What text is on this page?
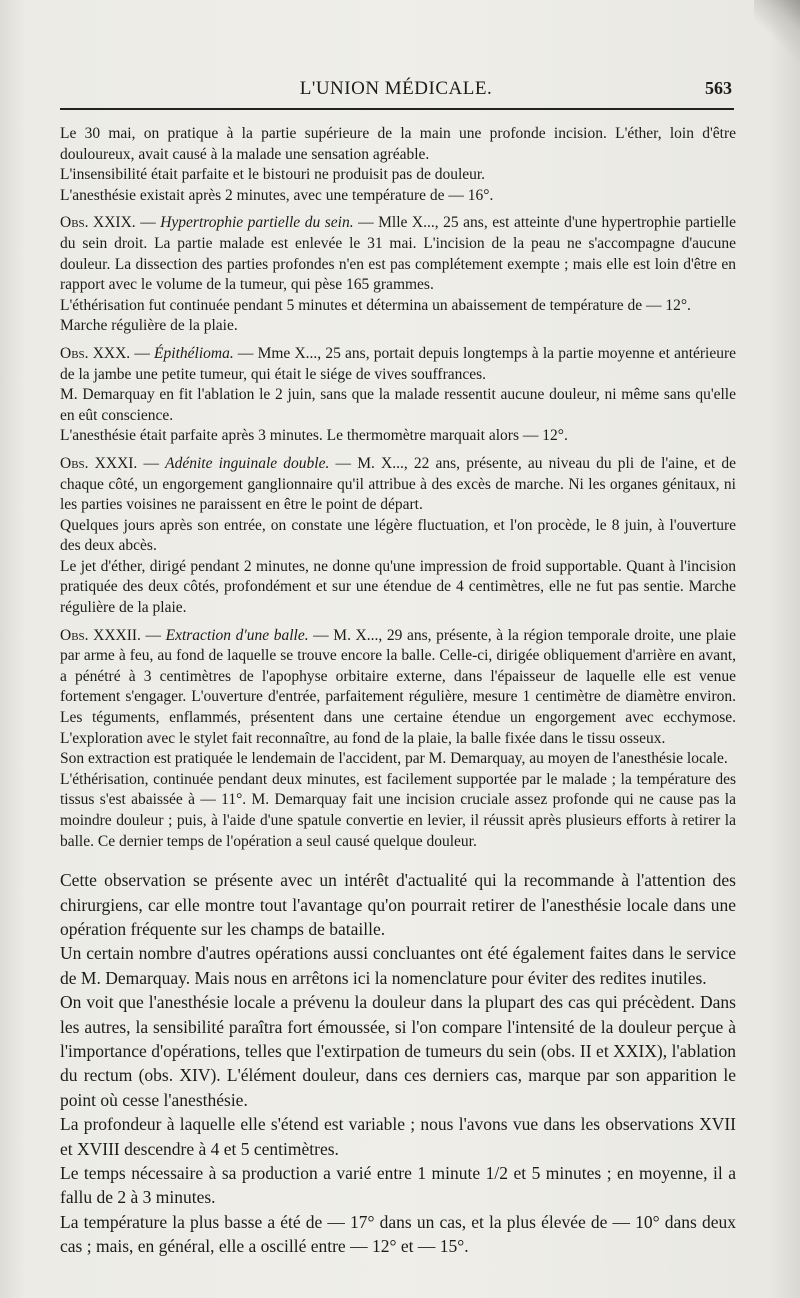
L'UNION MÉDICALE.	563

Le 30 mai, on pratique à la partie supérieure de la main une profonde incision. L'éther, loin d'être douloureux, avait causé à la malade une sensation agréable.

L'insensibilité était parfaite et le bistouri ne produisit pas de douleur.

L'anesthésie existait après 2 minutes, avec une température de — 16°.

Obs. XXIX. — Hypertrophie partielle du sein. — Mlle X..., 25 ans, est atteinte d'une hypertrophie partielle du sein droit. La partie malade est enlevée le 31 mai. L'incision de la peau ne s'accompagne d'aucune douleur. La dissection des parties profondes n'en est pas complétement exempte ; mais elle est loin d'être en rapport avec le volume de la tumeur, qui pèse 165 grammes.

L'éthérisation fut continuée pendant 5 minutes et détermina un abaissement de température de — 12°.

Marche régulière de la plaie.

Obs. XXX. — Épithélioma. — Mme X..., 25 ans, portait depuis longtemps à la partie moyenne et antérieure de la jambe une petite tumeur, qui était le siége de vives souffrances.

M. Demarquay en fit l'ablation le 2 juin, sans que la malade ressentit aucune douleur, ni même sans qu'elle en eût conscience.

L'anesthésie était parfaite après 3 minutes. Le thermomètre marquait alors — 12°.

Obs. XXXI. — Adénite inguinale double. — M. X..., 22 ans, présente, au niveau du pli de l'aine, et de chaque côté, un engorgement ganglionnaire qu'il attribue à des excès de marche. Ni les organes génitaux, ni les parties voisines ne paraissent en être le point de départ.

Quelques jours après son entrée, on constate une légère fluctuation, et l'on procède, le 8 juin, à l'ouverture des deux abcès.

Le jet d'éther, dirigé pendant 2 minutes, ne donne qu'une impression de froid supportable. Quant à l'incision pratiquée des deux côtés, profondément et sur une étendue de 4 centimètres, elle ne fut pas sentie. Marche régulière de la plaie.

Obs. XXXII. — Extraction d'une balle. — M. X..., 29 ans, présente, à la région temporale droite, une plaie par arme à feu, au fond de laquelle se trouve encore la balle. Celle-ci, dirigée obliquement d'arrière en avant, a pénétré à 3 centimètres de l'apophyse orbitaire externe, dans l'épaisseur de laquelle elle est venue fortement s'engager. L'ouverture d'entrée, parfaitement régulière, mesure 1 centimètre de diamètre environ. Les téguments, enflammés, présentent dans une certaine étendue un engorgement avec ecchymose. L'exploration avec le stylet fait reconnaître, au fond de la plaie, la balle fixée dans le tissu osseux.

Son extraction est pratiquée le lendemain de l'accident, par M. Demarquay, au moyen de l'anesthésie locale.

L'éthérisation, continuée pendant deux minutes, est facilement supportée par le malade ; la température des tissus s'est abaissée à — 11°. M. Demarquay fait une incision cruciale assez profonde qui ne cause pas la moindre douleur ; puis, à l'aide d'une spatule convertie en levier, il réussit après plusieurs efforts à retirer la balle. Ce dernier temps de l'opération a seul causé quelque douleur.

Cette observation se présente avec un intérêt d'actualité qui la recommande à l'attention des chirurgiens, car elle montre tout l'avantage qu'on pourrait retirer de l'anesthésie locale dans une opération fréquente sur les champs de bataille.

Un certain nombre d'autres opérations aussi concluantes ont été également faites dans le service de M. Demarquay. Mais nous en arrêtons ici la nomenclature pour éviter des redites inutiles.

On voit que l'anesthésie locale a prévenu la douleur dans la plupart des cas qui précèdent. Dans les autres, la sensibilité paraîtra fort émoussée, si l'on compare l'intensité de la douleur perçue à l'importance d'opérations, telles que l'extirpation de tumeurs du sein (obs. II et XXIX), l'ablation du rectum (obs. XIV). L'élément douleur, dans ces derniers cas, marque par son apparition le point où cesse l'anesthésie.

La profondeur à laquelle elle s'étend est variable ; nous l'avons vue dans les observations XVII et XVIII descendre à 4 et 5 centimètres.

Le temps nécessaire à sa production a varié entre 1 minute 1/2 et 5 minutes ; en moyenne, il a fallu de 2 à 3 minutes.

La température la plus basse a été de — 17° dans un cas, et la plus élevée de — 10° dans deux cas ; mais, en général, elle a oscillé entre — 12° et — 15°.
